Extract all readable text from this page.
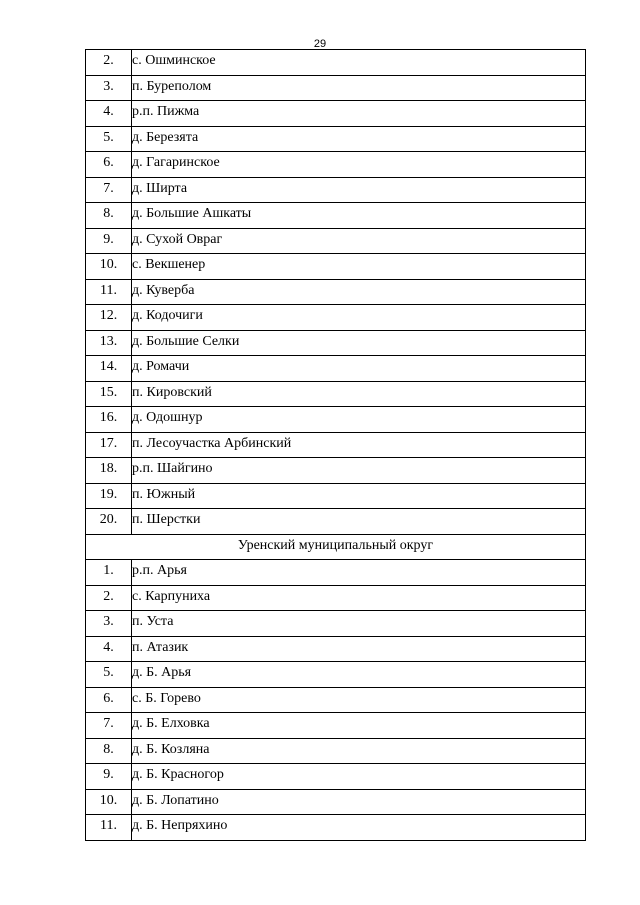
29
2.	с. Ошминское
3.	п. Буреполом
4.	р.п. Пижма
5.	д. Березята
6.	д. Гагаринское
7.	д. Ширта
8.	д. Большие Ашкаты
9.	д. Сухой Овраг
10.	с. Векшенер
11.	д. Куверба
12.	д. Кодочиги
13.	д. Большие Селки
14.	д. Ромачи
15.	п. Кировский
16.	д. Одошнур
17.	п. Лесоучастка Арбинский
18.	р.п. Шайгино
19.	п. Южный
20.	п. Шерстки
Уренский муниципальный округ	
1.	р.п. Арья
2.	с. Карпуниха
3.	п. Уста
4.	п. Атазик
5.	д. Б. Арья
6.	с. Б. Горево
7.	д. Б. Елховка
8.	д. Б. Козляна
9.	д. Б. Красногор
10.	д. Б. Лопатино
11.	д. Б. Непряхино
